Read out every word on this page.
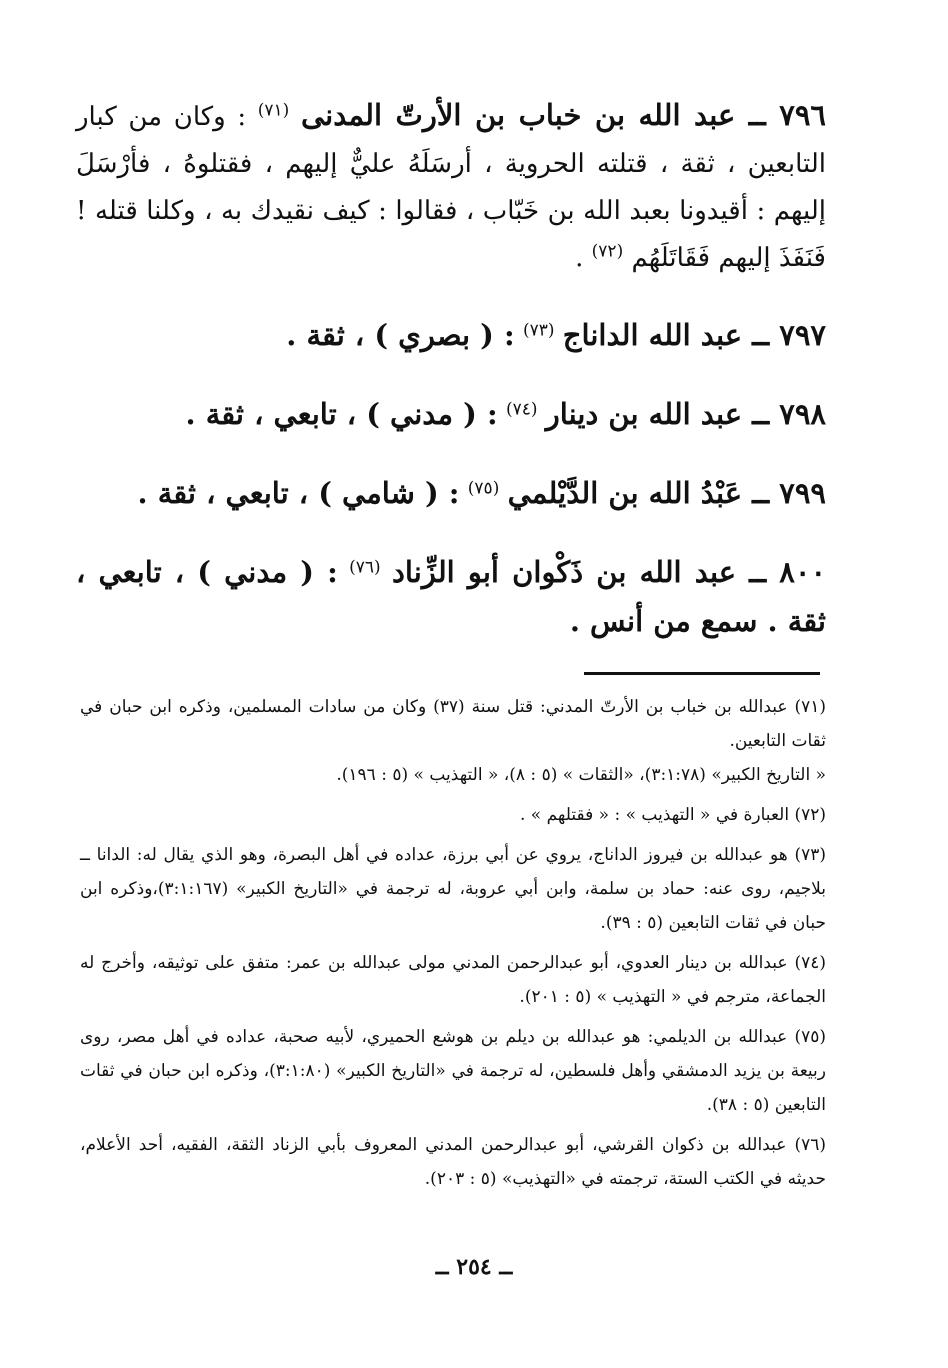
٧٩٦ ــ عبد الله بن خباب بن الأرتّ المدنى $^{(٧١)}$ : وكان من كبار التابعين ، ثقة ، قتلته الحروية ، أرسَلَهُ عليٌّ إليهم ، فقتلوهُ ، فأرْسَلَ إليهم : أقيدونا بعبد الله بن خَبّاب ، فقالوا : كيف نقيدك به ، وكلنا قتله ! فَنَفَذَ إليهم فَقَاتَلَهُم $^{(٧٢)}$ .

٧٩٧ ــ عبد الله الداناج $^{(٧٣)}$ : ( بصري ) ، ثقة .

٧٩٨ ــ عبد الله بن دينار $^{(٧٤)}$ : ( مدني ) ، تابعي ، ثقة .

٧٩٩ ــ عَبْدُ الله بن الدَّيْلمي $^{(٧٥)}$ : ( شامي ) ، تابعي ، ثقة .

٨٠٠ ــ عبد الله بن ذَكْوان أبو الزِّناد $^{(٧٦)}$ : ( مدني ) ، تابعي ، ثقة . سمع من أنس .

(٧١) عبدالله بن خباب بن الأرتّ المدني: قتل سنة (٣٧) وكان من سادات المسلمين، وذكره ابن حبان في ثقات التابعين.
« التاريخ الكبير» (٣:١:٧٨)، «الثقات » (٥ : ٨)، « التهذيب » (٥ : ١٩٦).

(٧٢) العبارة في « التهذيب » : « فقتلهم » .

(٧٣) هو عبدالله بن فيروز الداناج، يروي عن أبي برزة، عداده في أهل البصرة، وهو الذي يقال له: الدانا ــ بلاجيم، روى عنه: حماد بن سلمة، وابن أبي عروبة، له ترجمة في «التاريخ الكبير» (٣:١:١٦٧)،وذكره ابن حبان في ثقات التابعين (٥ : ٣٩).

(٧٤) عبدالله بن دينار العدوي، أبو عبدالرحمن المدني مولى عبدالله بن عمر: متفق على توثيقه، وأخرج له الجماعة، مترجم في « التهذيب » (٥ : ٢٠١).

(٧٥) عبدالله بن الديلمي: هو عبدالله بن ديلم بن هوشع الحميري، لأبيه صحبة، عداده في أهل مصر، روى ربيعة بن يزيد الدمشقي وأهل فلسطين، له ترجمة في «التاريخ الكبير» (٣:١:٨٠)، وذكره ابن حبان في ثقات التابعين (٥ : ٣٨).

(٧٦) عبدالله بن ذكوان القرشي، أبو عبدالرحمن المدني المعروف بأبي الزناد الثقة، الفقيه، أحد الأعلام، حديثه في الكتب الستة، ترجمته في «التهذيب» (٥ : ٢٠٣).

ــ ٢٥٤ ــ
